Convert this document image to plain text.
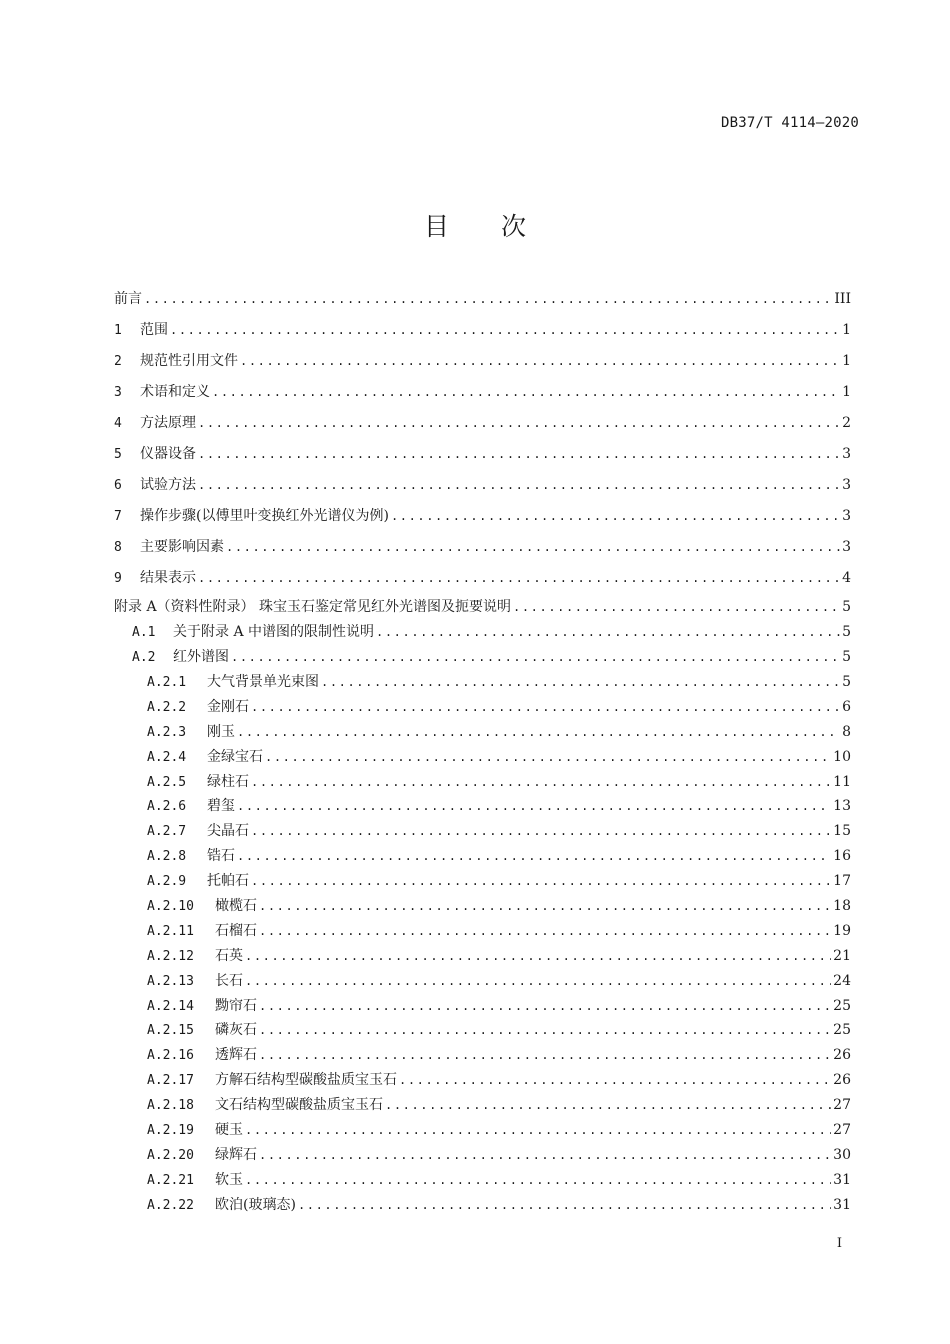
DB37/T 4114—2020
目 次
前言 .....	III
1	范围 .....	1
2	规范性引用文件 .....	1
3	术语和定义 .....	1
4	方法原理 .....	2
5	仪器设备 .....	3
6	试验方法 .....	3
7	操作步骤(以傅里叶变换红外光谱仪为例) .....	3
8	主要影响因素 .....	3
9	结果表示 .....	4
附录 A（资料性附录） 珠宝玉石鉴定常见红外光谱图及扼要说明 .....	5
A.1	关于附录 A 中谱图的限制性说明 .....	5
A.2	红外谱图 .....	5
A.2.1	大气背景单光束图 .....	5
A.2.2	金刚石 .....	6
A.2.3	刚玉 .....	8
A.2.4	金绿宝石 .....	10
A.2.5	绿柱石 .....	11
A.2.6	碧玺 .....	13
A.2.7	尖晶石 .....	15
A.2.8	锆石 .....	16
A.2.9	托帕石 .....	17
A.2.10	橄榄石 .....	18
A.2.11	石榴石 .....	19
A.2.12	石英 .....	21
A.2.13	长石 .....	24
A.2.14	黝帘石 .....	25
A.2.15	磷灰石 .....	25
A.2.16	透辉石 .....	26
A.2.17	方解石结构型碳酸盐质宝玉石 .....	26
A.2.18	文石结构型碳酸盐质宝玉石 .....	27
A.2.19	硬玉 .....	27
A.2.20	绿辉石 .....	30
A.2.21	软玉 .....	31
A.2.22	欧泊(玻璃态) .....	31
I
